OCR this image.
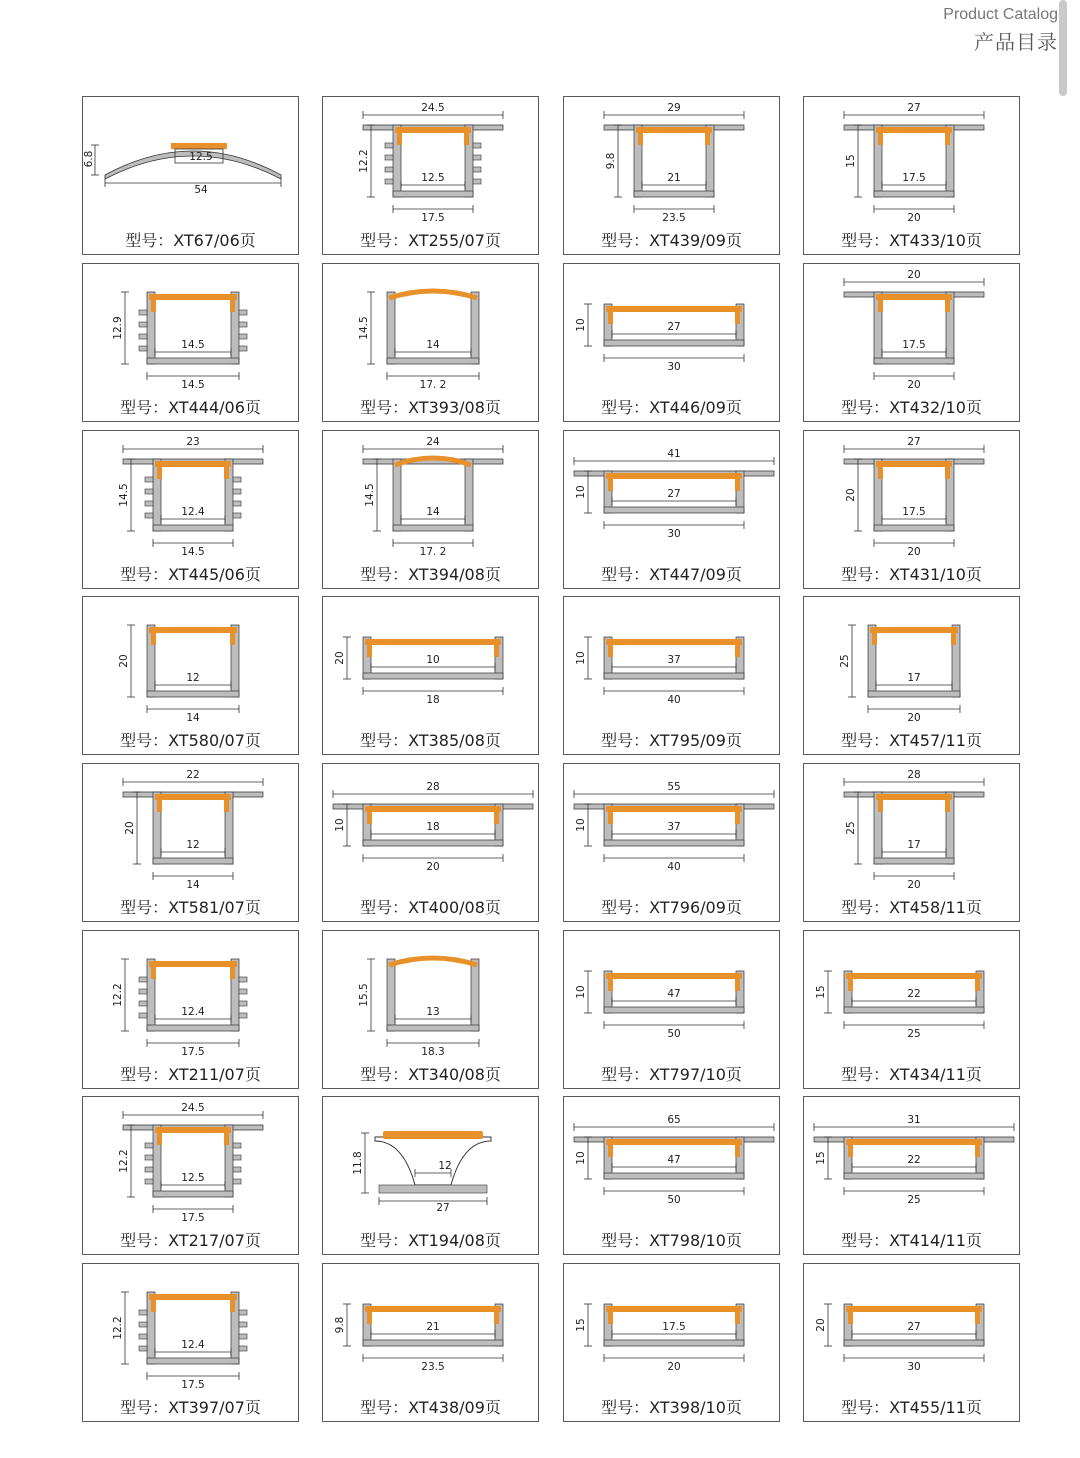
Product Catalog
产品目录
6.8	12.5
54
型号：XT67/06页
24.5
12.2
12.5
17.5
型号：XT255/07页
29
9.8
21
23.5
型号：XT439/09页
27
15
17.5
20
型号：XT433/10页
12.9
14.5
14.5
型号：XT444/06页
14.5
14
17. 2
型号：XT393/08页
10	27
30
型号：XT446/09页
20
17.5
20
型号：XT432/10页
23
14.5
12.4
14.5
型号：XT445/06页
24
14.5
14
17. 2
型号：XT394/08页
41
10	27
30
型号：XT447/09页
27
20
17.5
20
型号：XT431/10页
20
12
14
型号：XT580/07页
20	10
18
型号：XT385/08页
10	37
40
型号：XT795/09页
25
17
20
型号：XT457/11页
22
20
12
14
型号：XT581/07页
28
10	18
20
型号：XT400/08页
55
10	37
40
型号：XT796/09页
28
25
17
20
型号：XT458/11页
12.2
12.4
17.5
型号：XT211/07页
15.5
13
18.3
型号：XT340/08页
10	47
50
型号：XT797/10页
15	22
25
型号：XT434/11页
24.5
12.2
12.5
17.5
型号：XT217/07页
11.8	12
27
型号：XT194/08页
65
10	47
50
型号：XT798/10页
31
15	22
25
型号：XT414/11页
12.2
12.4
17.5
型号：XT397/07页
9.8	21
23.5
型号：XT438/09页
15	17.5
20
型号：XT398/10页
20	27
30
型号：XT455/11页
